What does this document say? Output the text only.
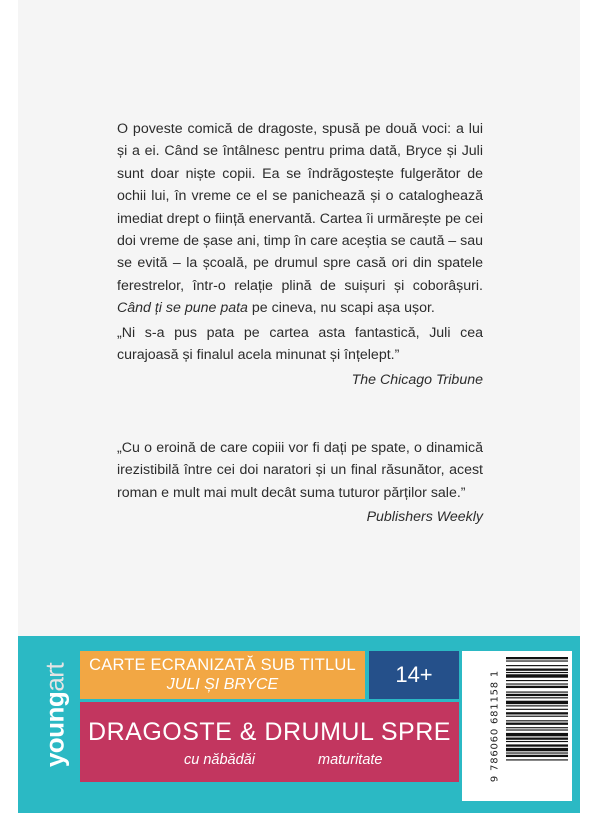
O poveste comică de dragoste, spusă pe două voci: a lui și a ei. Când se întâlnesc pentru prima dată, Bryce și Juli sunt doar niște copii. Ea se îndrăgostește fulgerător de ochii lui, în vreme ce el se panichează și o cataloghează imediat drept o ființă enervantă. Cartea îi urmărește pe cei doi vreme de șase ani, timp în care aceștia se caută – sau se evită – la școală, pe drumul spre casă ori din spatele ferestrelor, într-o relație plină de suișuri și coborâșuri. Când ți se pune pata pe cineva, nu scapi așa ușor.

„Ni s-a pus pata pe cartea asta fantastică, Juli cea curajoasă și finalul acela minunat și înțelept.”

The Chicago Tribune

„Cu o eroină de care copiii vor fi dați pe spate, o dinamică irezistibilă între cei doi naratori și un final răsunător, acest roman e mult mai mult decât suma tuturor părților sale.”

Publishers Weekly

youngart	CARTE ECRANIZATĂ SUB TITLUL
JULI ȘI BRYCE	14+
DRAGOSTE & DRUMUL SPRE
cu năbădăi	maturitate	9 786060 681158 1
